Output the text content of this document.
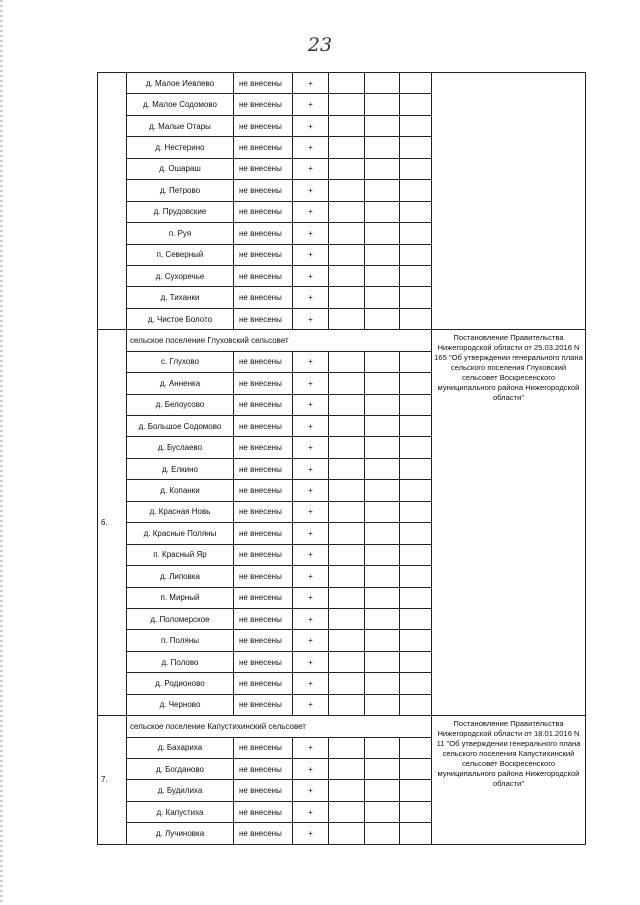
23
	д. Малое Иевлево	не внесены	+				
	д. Малое Содомово	не внесены	+				
	д. Малые Отары	не внесены	+				
	д. Нестерино	не внесены	+				
	д. Ошараш	не внесены	+				
	д. Петрово	не внесены	+				
	д. Прудовские	не внесены	+				
	п. Руя	не внесены	+				
	п. Северный	не внесены	+				
	д. Сухоречье	не внесены	+				
	д. Тиханки	не внесены	+				
	д. Чистое Болото	не внесены	+				
6.	сельское поселение Глуховский сельсовет						Постановление Правительства Нижегородской области от 25.03.2016 N 165 "Об утверждении генерального плана сельского поселения Глуховский сельсовет Воскресенского муниципального района Нижегородской области"
	с. Глухово	не внесены	+				
	д. Анненка	не внесены	+				
	д. Белоусово	не внесены	+				
	д. Большое Содомово	не внесены	+				
	д. Буслаево	не внесены	+				
	д. Елкино	не внесены	+				
	д. Копанки	не внесены	+				
	д. Красная Новь	не внесены	+				
	д. Красные Поляны	не внесены	+				
	п. Красный Яр	не внесены	+				
	д. Липовка	не внесены	+				
	п. Мирный	не внесены	+				
	д. Поломерское	не внесены	+				
	п. Поляны	не внесены	+				
	д. Полово	не внесены	+				
	д. Родионово	не внесены	+				
	д. Черново	не внесены	+				
7.	сельское поселение Капустихинский сельсовет						Постановление Правительства Нижегородской области от 18.01.2016 N 11 "Об утверждении генерального плана сельского поселения Капустихинский сельсовет Воскресенского муниципального района Нижегородской области"
	д. Бахариха	не внесены	+				
	д. Богданово	не внесены	+				
	д. Будилиха	не внесены	+				
	д. Капустиха	не внесены	+				
	д. Лучиновка	не внесены	+				
